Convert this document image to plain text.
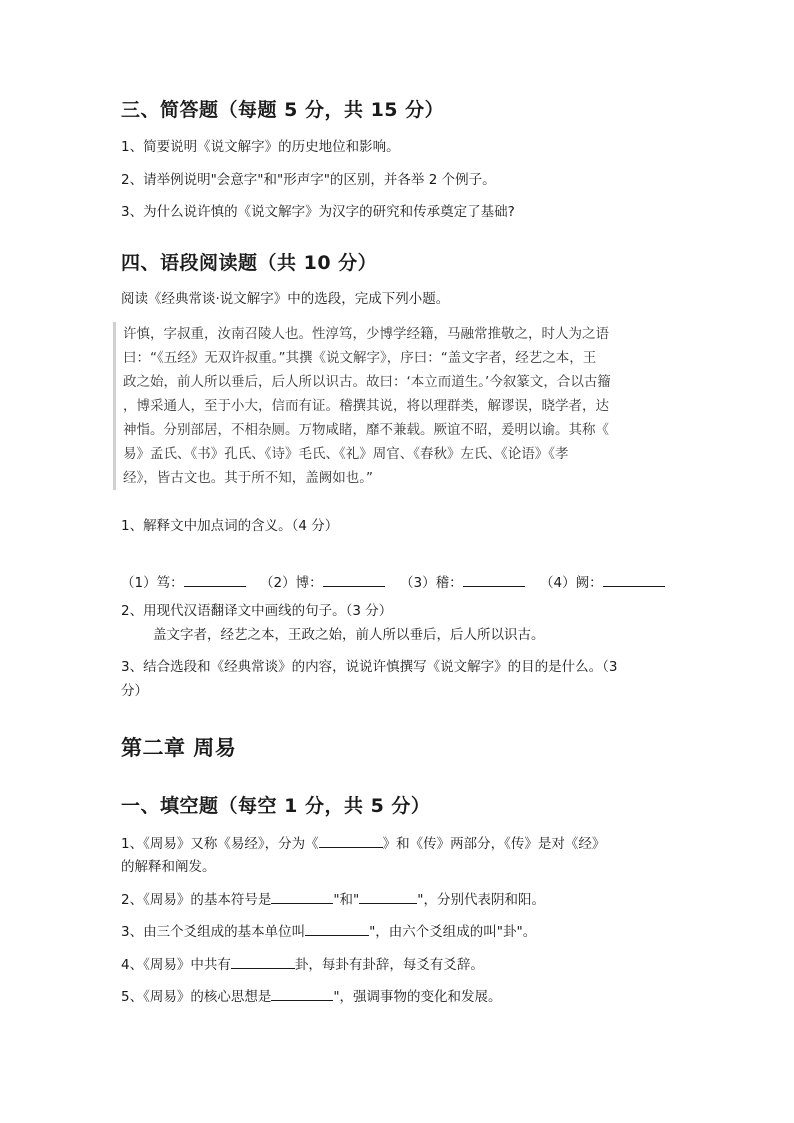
三、简答题（每题 5 分，共 15 分）
1、简要说明《说文解字》的历史地位和影响。
2、请举例说明"会意字"和"形声字"的区别，并各举 2 个例子。
3、为什么说许慎的《说文解字》为汉字的研究和传承奠定了基础?
四、语段阅读题（共 10 分）
阅读《经典常谈·说文解字》中的选段，完成下列小题。
许慎，字叔重，汝南召陵人也。性淳笃，少博学经籍，马融常推敬之，时人为之语
曰：“《五经》无双许叔重。”其撰《说文解字》，序曰：“盖文字者，经艺之本，王
政之始，前人所以垂后，后人所以识古。故曰：‘本立而道生。’今叙篆文，合以古籀
，博采通人，至于小大，信而有证。稽撰其说，将以理群类，解谬误，晓学者，达
神恉。分别部居，不相杂厕。万物咸睹，靡不兼载。厥谊不昭，爰明以谕。其称《
易》孟氏、《书》孔氏、《诗》毛氏、《礼》周官、《春秋》左氏、《论语》《孝
经》，皆古文也。其于所不知，盖阙如也。”
1、解释文中加点词的含义。（4 分）
（1）笃：	（2）博：	（3）稽：	（4）阙：
2、用现代汉语翻译文中画线的句子。（3 分）
盖文字者，经艺之本，王政之始，前人所以垂后，后人所以识古。
3、结合选段和《经典常谈》的内容，说说许慎撰写《说文解字》的目的是什么。（3
分）
第二章 周易
一、填空题（每空 1 分，共 5 分）
1、《周易》又称《易经》，分为《	》和《传》两部分，《传》是对《经》
的解释和阐发。
2、《周易》的基本符号是	"和"	"，分别代表阴和阳。
3、由三个爻组成的基本单位叫	"，由六个爻组成的叫"卦"。
4、《周易》中共有	卦，每卦有卦辞，每爻有爻辞。
5、《周易》的核心思想是	"，强调事物的变化和发展。
